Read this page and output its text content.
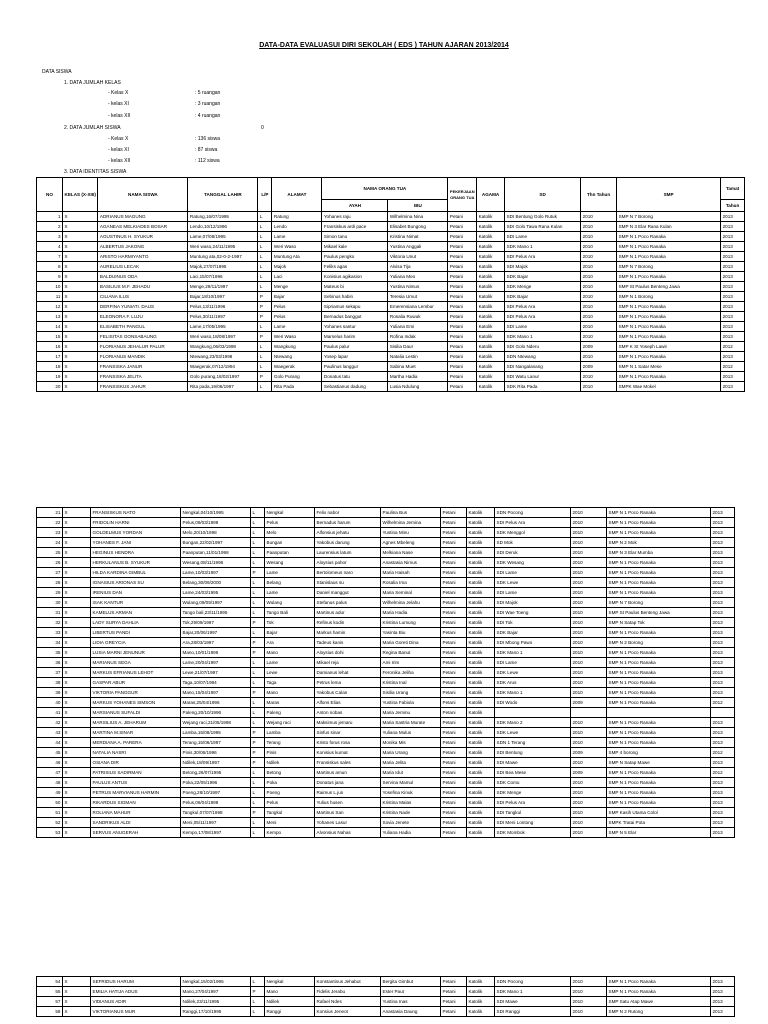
DATA-DATA EVALUASUI DIRI SEKOLAH ( EDS ) TAHUN AJARAN 2013/2014
DATA SISWA
1. DATA JUMLAH KELAS
- Kelas X	: 5 ruangan
- kelas XI	: 3 ruangan
- kelas XII	: 4 ruangan
2. DATA JUMLAH SISWA	0
- Kelas X	: 136 siswa
- kelas XI	: 87 siswa
- kelas XII	: 112 siswa
3. DATA IDENTITAS SISWA
NO	KELAS (X-XIII)	NAMA SISWA	TANGGAL LAHIR	L/P	ALAMAT	NAMA ORANG TUA		PEKERJAAN ORANG TUA	AGAMA	SD	Thn Tahun	SMP	Tamat
						AYAH	IBU						Tahun
1	X	ADRIANUS MAGUNG	Ratung,16/07/1995	L	Ratung	Yohanes raju	Wilhelmina Nina	Petani	Katolik	SDI Bentung Golo Rutuk	2010	SMP N 7 Borong	2013
2	X	AGANEAS MELKIADES BOSAR	Lendo,10/12/1996	L	Lendo	Fransiskus ardi pace	Elisabet Bungong	Petani	Katolik	SDI Golo Tawa Rana Kulan	2010	SMP N 3 Elar Rana Kulan	2013
3	X	AGUSTINUS H. SYUKUR	Lame,07/08/1995	L	Lame	Simon tanu	Kristina Nimat	Petani	Katolik	SDI Lame	2010	SMP N 1 Poco Ranaka	2013
4	X	ALBERTUS JAKONG	Weri waso,24/11/1995	L	Weri Waso	Mikael kale	Yustina Anggali	Petani	Katolik	SDK Mano 1	2010	SMP N 1 Poco Ranaka	2013
7	X	ARISTO HARMIYANTO	Muntung ata,02-0-2-1997	L	Muntung Ata	Paulus pengko	Viktoria Unut	Petani	Katolik	SDI Pelus Ara	2010	SMP N 1 Poco Ranaka	2013
8	X	AURELIUS LECAK	Majok,27/07/1995	L	Majok	Feliks agas	Alvisa Tija	Petani	Katolik	SDI Majok	2010	SMP N 7 Borong	2013
9	X	BALDUINUS ODA	Laci,15/07/1996	L	Laci	Konisius agikasion	Yuliana Meo	Petani	Katolik	SDK Bajar	2010	SMP N 1 Poco Ranaka	2013
10	X	BASILIUS M.F. JEHADU	Menge,29/11/1997	L	Menge	Mateus bi	Yustina Nimus	Petani	Katolik	SDK Menge	2010	SMP St Paulus Benteng Jawa	2013
11	X	CILIANA ILUS	Bajar,18/10/1997	P	Bajar	Sebinus habin	Teresia Umut	Petani	Katolik	SDK Bajar	2010	SMP N 1 Borong	2013
12	X	DERFINA YUNIATI. DAUS	Pelus,13/11/1996	P	Pelus	Sipriamus sekapu	Emerensiana Lembur	Petani	Katolik	SDI Pelus Ara	2010	SMP N 1 Poco Ranaka	2013
13	X	ELEONORA F. LUJU	Pelus,30/11/1997	P	Pelus	Bernadus banggut	Rosalia Ruwuk	Petani	Katolik	SDI Pelus Ara	2010	SMP N 1 Poco Ranaka	2013
14	X	ELISABETH PANGUL	Lame,17/05/1995	L	Lame	Yohanes santur	Yuliana Emi	Petani	Katolik	SDI Lame	2010	SMP N 1 Poco Ranaka	2013
15	X	FELISITAS GONSABAUNG	Weri waso,18/08/1997	P	Weri Waso	Marselus harim	Rofina Indak	Petani	Katolik	SDK Mano 1	2010	SMP N 1 Poco Ranaka	2013
16	X	FLORIANUS JEHALUR PALUR	Wangkung,06/03/1998	L	Wangkung	Paulus palur	Sisilia Daur	Petani	Katolik	SDI Golo Nderu	2009	SMP K St Yoseph Lawir	2012
17	X	FLORIANUS MANDIK	Ntewang,23/03/1998	L	Ntewang	Yosep lapar	Natalia Lestin	Petani	Katolik	SDN Ntewang	2010	SMP N 1 Poco Ranaka	2013
18	X	FRANSISKA JANUR	Waegerak,07/12/1994	L	Waegerak	Paulinus langgur	Sabina Muet	Petani	Katolik	SDI Nangalanang	2009	SMP N 1 Satar Mese	2012
19	X	FRANSISKA JELITA	Golo purang,18/02/1997	P	Golo Purang	Donatus tatu	Martha Hadia	Petani	Katolik	SDI Watu Lanur	2010	SMP N 1 Poco Ranaka	2013
20	X	FRANSISKUS JAHUR	Rita pada,19/06/1997	L	Rita Pada	Sebastianus dadung	Lusia Ndulung	Petani	Katolik	SDK Rita Pada	2010	SMPK Wae Mokel	2013
21	X	FRANSISKUS NATO	Nengkal,04/10/1995	L	Nengkal	Felix nabor	Paulina Bus	Petani	Katolik	SDN Pocong	2010	SMP N 1 Poco Ranaka	2013
22	X	FRIDOLIN HARNI	Pelus,09/03/1998	L	Pelus	Bernadus harum	Wilhelmina Jemina	Petani	Katolik	SDI Pelus Ara	2010	SMP N 1 Poco Ranaka	2013
23	X	GOLDELMUS YORDAN	Melo,20/10/1998	L	Melo	Alfonsius jehatu	Yustina Minu	Petani	Katolik	SDK Menggol	2010	SMP N 1 Poco Ranaka	2013
24	X	YOHANES F. JANI	Bungan,22/02/1997	L	Bungan	Yakobus darung	Agnes Mbeleng	Petani	Katolik	SD Mok	2010	SMP N 2 Mok	2013
25	X	HEGINUS HENDRA	Paanputan,11/01/1998	L	Paanputan	Laurensius latum	Melkiana Nase	Petani	Katolik	SDI Deruk	2010	SMP N 3 Elar Mumba	2013
26	X	HERKULANUS B. SYUKUR	Wesang,08/11/1996	L	Wesang	Aloysius pahor	Anastasia Nimus	Petani	Katolik	SDK Wesang	2010	SMP N 1 Poco Ranaka	2013
27	X	HILDA KARDINA GIMBUL	Lame,10/03/1997	P	Lame	Bertolomeus naro	Maria Haisah	Petani	Katolik	SDI Lame	2010	SMP N 1 Poco Ranaka	2013
28	X	IGNASIUS ARIONAS SU	Belang,30/09/2000	L	Belang	Stanislaus su	Rosalia Ima	Petani	Katolik	SDK Lewe	2010	SMP N 1 Poco Ranaka	2013
29	X	IRENIUS DAN	Lame,24/03/1995	L	Lame	Daniel manggut	Maria Seminal	Petani	Katolik	SDI Lame	2010	SMP N 1 Poco Ranaka	2013
30	X	ISAK KANTUR	Wulang,09/09/1997	L	Wulang	Stefanus palus	Wilhelmina Jelahu	Petani	Katolik	SDI Majok	2010	SMP N 7 Borong	2013
31	X	KAMELUS ARMAN	Tango bali,23/11/1995	L	Tango Bali	Martinus adur	Maria Hadia	Petani	Katolik	SDI Wae Toeng	2010	SMP St Paulus Benteng Jawa	2013
32	X	LADY SURYA DAHLIA	Tok,29/09/1997	P	Tok	Refinus kodin	Kristina Lumung	Petani	Katolik	SDI Tok	2010	SMP N Satap Tok	2013
33	X	LIBERTUS PANDI	Bajar,20/06/1997	L	Bajar	Markus hamin	Yasinta Biu	Petani	Katolik	SDK Bajar	2010	SMP N 1 Poco Ranaka	2013
34	X	LIDIA GREYCIA	Ara,28/03/1997	P	Ara	Tadeus kanis	Maria Goreti Dina	Petani	Katolik	SDI Mbong Pawo	2010	SMP N 2 Borong	2013
35	X	LUSIA MARNI JENUNUR	Mano,10/01/1996	P	Mano	Aloysius dohi	Regina Banut	Petani	Katolik	SDK Mano 1	2010	SMP N 1 Poco Ranaka	2013
36	X	MARIANUS SEGA	Lame,20/04/1997	L	Lame	Mikael reja	Ami Irim	Petani	Katolik	SDI Lame	2010	SMP N 1 Poco Ranaka	2013
37	X	MARKUS EFRIANUS LEHOT	Lewe,21/07/1997	L	Lewe	Damianus lehat	Feronika Jeliha	Petani	Katolik	SDK Lewe	2010	SMP N 1 Poco Ranaka	2013
38	X	GASPAR ABUR	Taga,10/07/1994	L	Taga	Petrus lema	Kristina Inal	Petani	Katolik	SDK Arus	2010	SMP N 1 Poco Ranaka	2013
39	X	VIKTORIA PANGGUR	Mano,15/04/1997	P	Mano	Yakobus Calan	Sisilia Urang	Petani	Katolik	SDK Mano 1	2010	SMP N 1 Poco Ranaka	2013
40	X	MARKUS YOHANES SIMSON	Maras,25/04/1996	L	Maras	Alfons Elias	Yustina Fabiola	Petani	Katolik	SDI Wodo	2009	SMP N 1 Poco Ranaka	2012
41	X	MARSIANUS SUFALDI	Paleng,20/10/1996	L	Paleng	Anton nobas	Maria Jeminu	Petani	Katolik				
42	X	MARSILIUS A. JEHARUM	Wejang raci,21/05/1998	L	Wejang raci	Maksimus jemaru	Maria Sastria Murate	Petani	Katolik	SDK Mano 2	2010	SMP N 1 Poco Ranaka	2013
43	X	MARTINA M.SINAR	Lamba,15/08/1995	P	Lamba	Sinfus sinar	Yuliana Mulus	Petani	Katolik	SDK Lewe	2010	SMP N 1 Poco Ranaka	2013
44	X	MERDIANA A. PARERA	Terang,15/06/1997	P	Terang	Kristo forus rosa	Monika Mis	Petani	Katolik	SDN 1 Terang	2010	SMP N 1 Poco Ranaka	2013
45	X	NATALIA NASRI	Pinis,30/06/1996	P	Pinis	Konisius kumat	Maria Urang	Petani	Katolik	SDI Bentung	2009	SMP 4 borong	2012
46	X	OSIANA DIR	Ndilek,18/09/1997	P	Ndilek	Fransiskus sales	Maria Jelita	Petani	Katolik	SDI Mawe	2010	SMP N Satap Mawe	2013
47	X	PATRISIUS SADIRMAN	Betong,26/07/1995	L	Betong	Martinus amun	Maria Idut	Petani	Katolik	SDI Bea Mese	2009	SMP N 1 Poco Ranaka	2012
48	X	PAULUS ANTUS	Poka,22/05/1996	L	Poka	Donatus jana	Servina Mamul	Petani	Katolik	SDK Comu	2010	SMP N 1 Poco Ranaka	2013
49	X	PETRUS MARVIANUS HARMIN	Poeng,28/10/1997	L	Poeng	Raimus L.jun	Yosefina Kinuk	Petani	Katolik	SDK Menge	2010	SMP N 1 Poco Ranaka	2013
50	X	RIKARDUS SIGMAN	Pelus,06/04/1998	L	Pelus	Yulius husen	Kristina Malas	Petani	Katolik	SDI Pelus Ara	2010	SMP N 1 Poco Ranaka	2013
51	X	ROLIANA MAHUR	Tangkul,07/07/1998	P	Tangkul	Martinus San	Kristina Nade	Petani	Katolik	SDI Tangkul	2010	SMP Kasih Utama Colol	2013
52	X	SANDRIKUS ALDI	Meni,05/11/1997	L	Meni	Yohanes Lasur	Sovia Jenete	Petani	Katolik	SDI Meni Lontong	2010	SMPK Tratai Pota	2013
53	X	SERVUS ANUGERAH	Kempo,17/08/1997	L	Kempo	Alvonsius Nahas	Yuliana Hadia	Petani	Katolik	SDK Mombok	2010	SMP N 5 Elar	2013
54	X	SEFRIDUS HARUM	Nengkal,15/02/1995	L	Nengkal	Konstantinus Jehabut	Bergita Gimbut	Petani	Katolik	SDN Pocong	2010	SMP N 1 Poco Ranaka	2013
55	X	EMILIA HATIJA ADUS	Mano,27/04/1997	P	Mano	Fidelis Jerabu	Ester Paut	Petani	Katolik	SDK Mano 1	2010	SMP N 1 Poco Ranaka	2013
57	X	VIDIANUS ADIR	Ndilek,23/11/1995	L	Ndilek	Rafael Ndes	Yustina Inas	Petani	Katolik	SDI Mawe	2010	SMP Satu Atap Mawe	2013
58	X	VIKTORIANUS MUR	Ranggi,17/10/1995	L	Ranggi	Konsius Jeneot	Anastasia Daung	Petani	Katolik	SDI Ranggi	2010	SMP N 2 Rutong	2013
